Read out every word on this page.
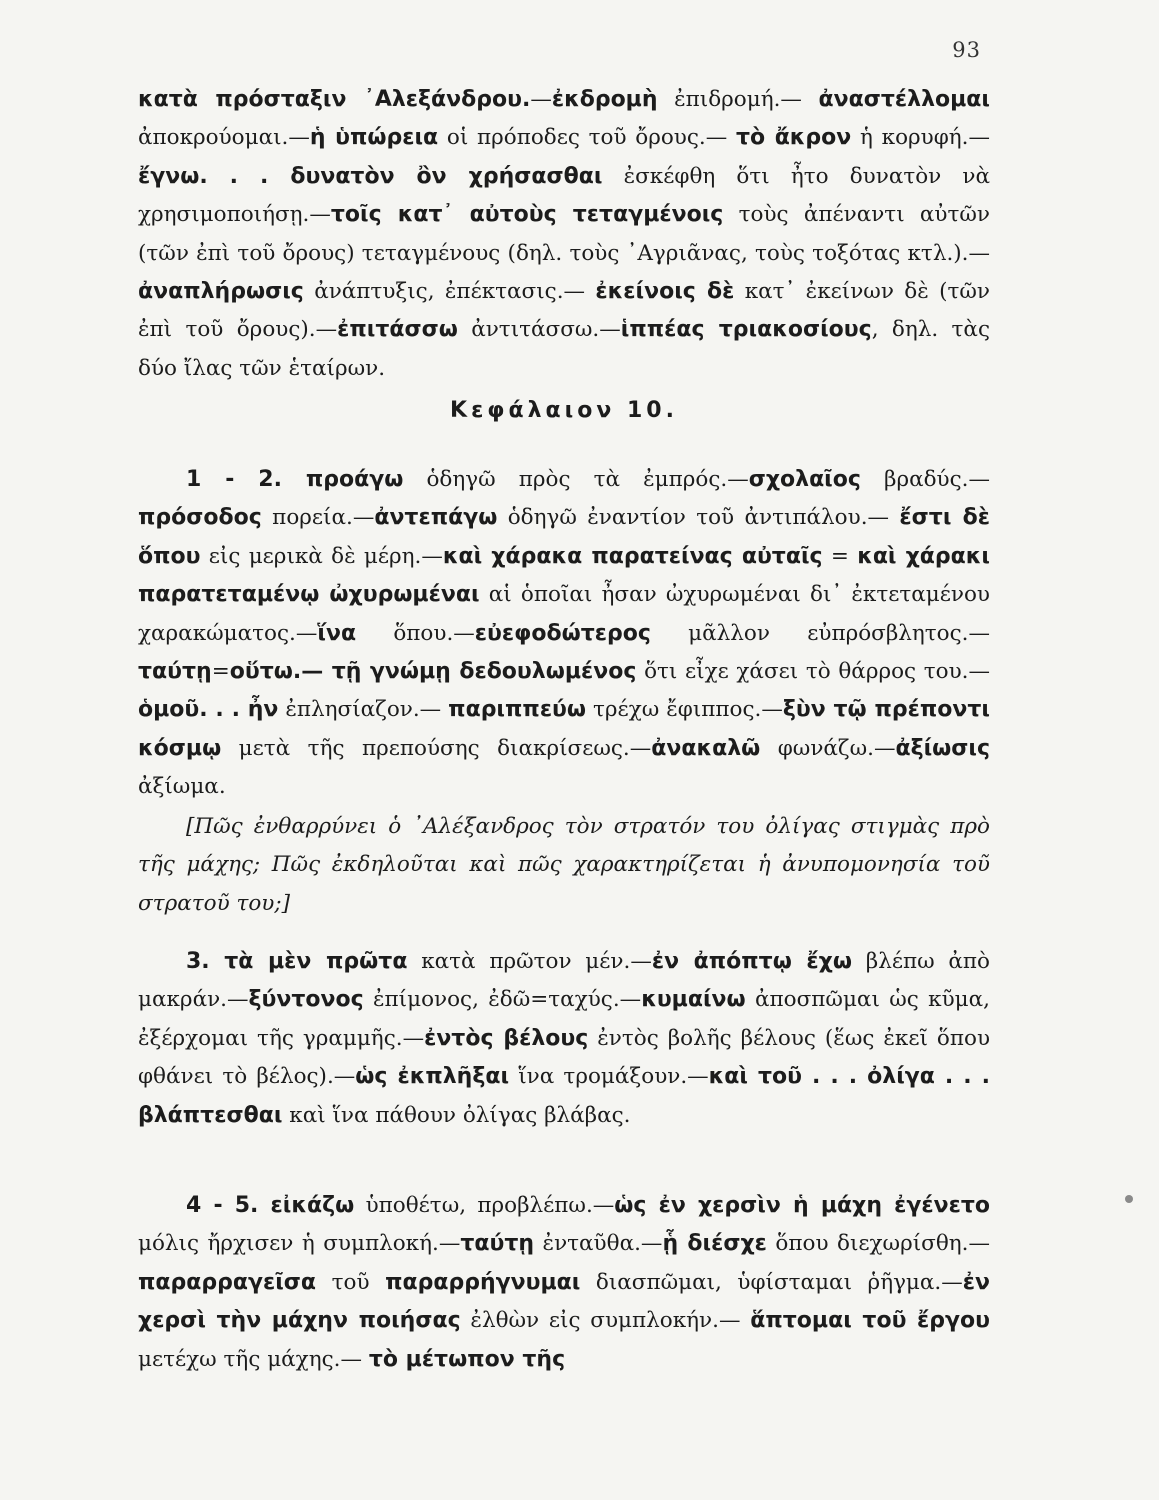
93

κατὰ πρόσταξιν ᾿Αλεξάνδρου.—ἐκδρομὴ ἐπιδρομή.— ἀναστέλλομαι ἀποκρούομαι.—ἡ ὑπώρεια οἱ πρόποδες τοῦ ὄρους.— τὸ ἄκρον ἡ κορυφή.—ἔγνω. . . δυνατὸν ὂν χρήσασθαι ἐσκέφθη ὅτι ἦτο δυνατὸν νὰ χρησιμοποιήσῃ.—τοῖς κατ᾿ αὐτοὺς τεταγμένοις τοὺς ἀπέναντι αὐτῶν (τῶν ἐπὶ τοῦ ὄρους) τεταγμένους (δηλ. τοὺς ᾿Αγριᾶνας, τοὺς τοξότας κτλ.).—ἀναπλήρωσις ἀνάπτυξις, ἐπέκτασις.— ἐκείνοις δὲ κατ᾿ ἐκείνων δὲ (τῶν ἐπὶ τοῦ ὄρους).—ἐπιτάσσω ἀντιτάσσω.—ἱππέας τριακοσίους, δηλ. τὰς δύο ἴλας τῶν ἑταίρων.

Κεφάλαιον 10.

1 - 2. προάγω ὁδηγῶ πρὸς τὰ ἐμπρός.—σχολαῖος βραδύς.— πρόσοδος πορεία.—ἀντεπάγω ὁδηγῶ ἐναντίον τοῦ ἀντιπάλου.— ἔστι δὲ ὅπου εἰς μερικὰ δὲ μέρη.—καὶ χάρακα παρατείνας αὐταῖς = καὶ χάρακι παρατεταμένῳ ὠχυρωμέναι αἱ ὁποῖαι ἦσαν ὠχυρωμέναι δι᾿ ἐκτεταμένου χαρακώματος.—ἵνα ὅπου.—εὐεφοδώτερος μᾶλλον εὐπρόσβλητος.—ταύτῃ=οὕτω.— τῇ γνώμῃ δεδουλωμένος ὅτι εἶχε χάσει τὸ θάρρος του.—ὁμοῦ. . . ἦν ἐπλησίαζον.— παριππεύω τρέχω ἔφιππος.—ξὺν τῷ πρέποντι κόσμῳ μετὰ τῆς πρεπούσης διακρίσεως.—ἀνακαλῶ φωνάζω.—ἀξίωσις ἀξίωμα.

[Πῶς ἐνθαρρύνει ὁ ᾿Αλέξανδρος τὸν στρατόν του ὀλίγας στιγμὰς πρὸ τῆς μάχης; Πῶς ἐκδηλοῦται καὶ πῶς χαρακτηρίζεται ἡ ἀνυπομονησία τοῦ στρατοῦ του;]

3. τὰ μὲν πρῶτα κατὰ πρῶτον μέν.—ἐν ἀπόπτῳ ἔχω βλέπω ἀπὸ μακράν.—ξύντονος ἐπίμονος, ἐδῶ=ταχύς.—κυμαίνω ἀποσπῶμαι ὡς κῦμα, ἐξέρχομαι τῆς γραμμῆς.—ἐντὸς βέλους ἐντὸς βολῆς βέλους (ἕως ἐκεῖ ὅπου φθάνει τὸ βέλος).—ὡς ἐκπλῆξαι ἵνα τρομάξουν.—καὶ τοῦ . . . ὀλίγα . . . βλάπτεσθαι καὶ ἵνα πάθουν ὀλίγας βλάβας.

4 - 5. εἰκάζω ὑποθέτω, προβλέπω.—ὡς ἐν χερσὶν ἡ μάχη ἐγένετο μόλις ἤρχισεν ἡ συμπλοκή.—ταύτῃ ἐνταῦθα.—ᾗ διέσχε ὅπου διεχωρίσθη.—παραρραγεῖσα τοῦ παραρρήγνυμαι διασπῶμαι, ὑφίσταμαι ῥῆγμα.—ἐν χερσὶ τὴν μάχην ποιήσας ἐλθὼν εἰς συμπλοκήν.— ἅπτομαι τοῦ ἔργου μετέχω τῆς μάχης.— τὸ μέτωπον τῆς
